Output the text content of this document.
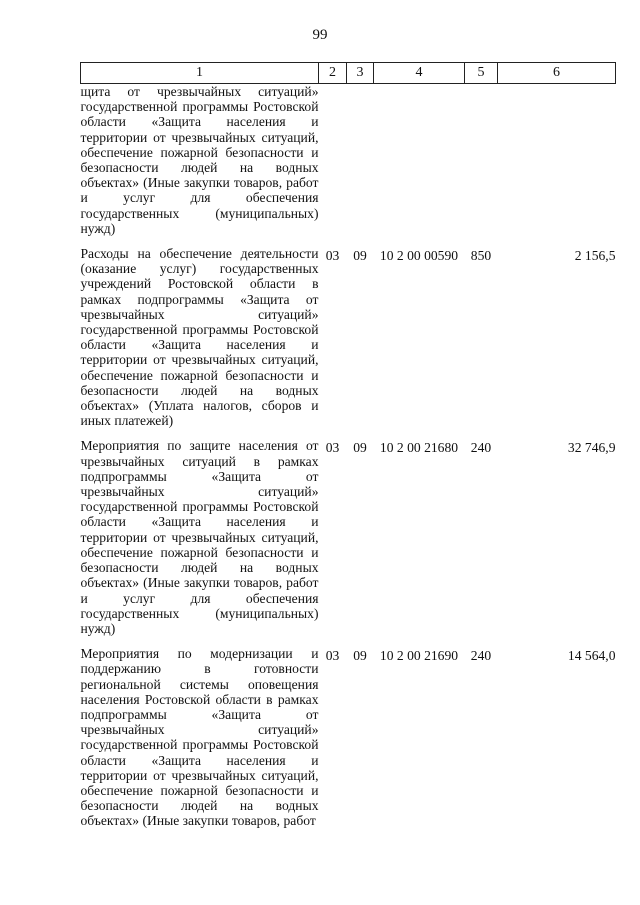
99
1	2	3	4	5	6
щита от чрезвычайных ситуаций» государственной программы Ростовской области «Защита населения и территории от чрезвычайных ситуаций, обеспечение пожарной безопасности и безопасности людей на водных объектах» (Иные закупки товаров, работ и услуг для обеспечения государственных (муниципальных) нужд)					
Расходы на обеспечение деятельности (оказание услуг) государственных учреждений Ростовской области в рамках подпрограммы «Защита от чрезвычайных ситуаций» государственной программы Ростовской области «Защита населения и территории от чрезвычайных ситуаций, обеспечение пожарной безопасности и безопасности людей на водных объектах» (Уплата налогов, сборов и иных платежей)	03	09	10 2 00 00590	850	2 156,5
Мероприятия по защите населения от чрезвычайных ситуаций в рамках подпрограммы «Защита от чрезвычайных ситуаций» государственной программы Ростовской области «Защита населения и территории от чрезвычайных ситуаций, обеспечение пожарной безопасности и безопасности людей на водных объектах» (Иные закупки товаров, работ и услуг для обеспечения государственных (муниципальных) нужд)	03	09	10 2 00 21680	240	32 746,9
Мероприятия по модернизации и поддержанию в готовности региональной системы оповещения населения Ростовской области в рамках подпрограммы «Защита от чрезвычайных ситуаций» государственной программы Ростовской области «Защита населения и территории от чрезвычайных ситуаций, обеспечение пожарной безопасности и безопасности людей на водных объектах» (Иные закупки товаров, работ	03	09	10 2 00 21690	240	14 564,0
